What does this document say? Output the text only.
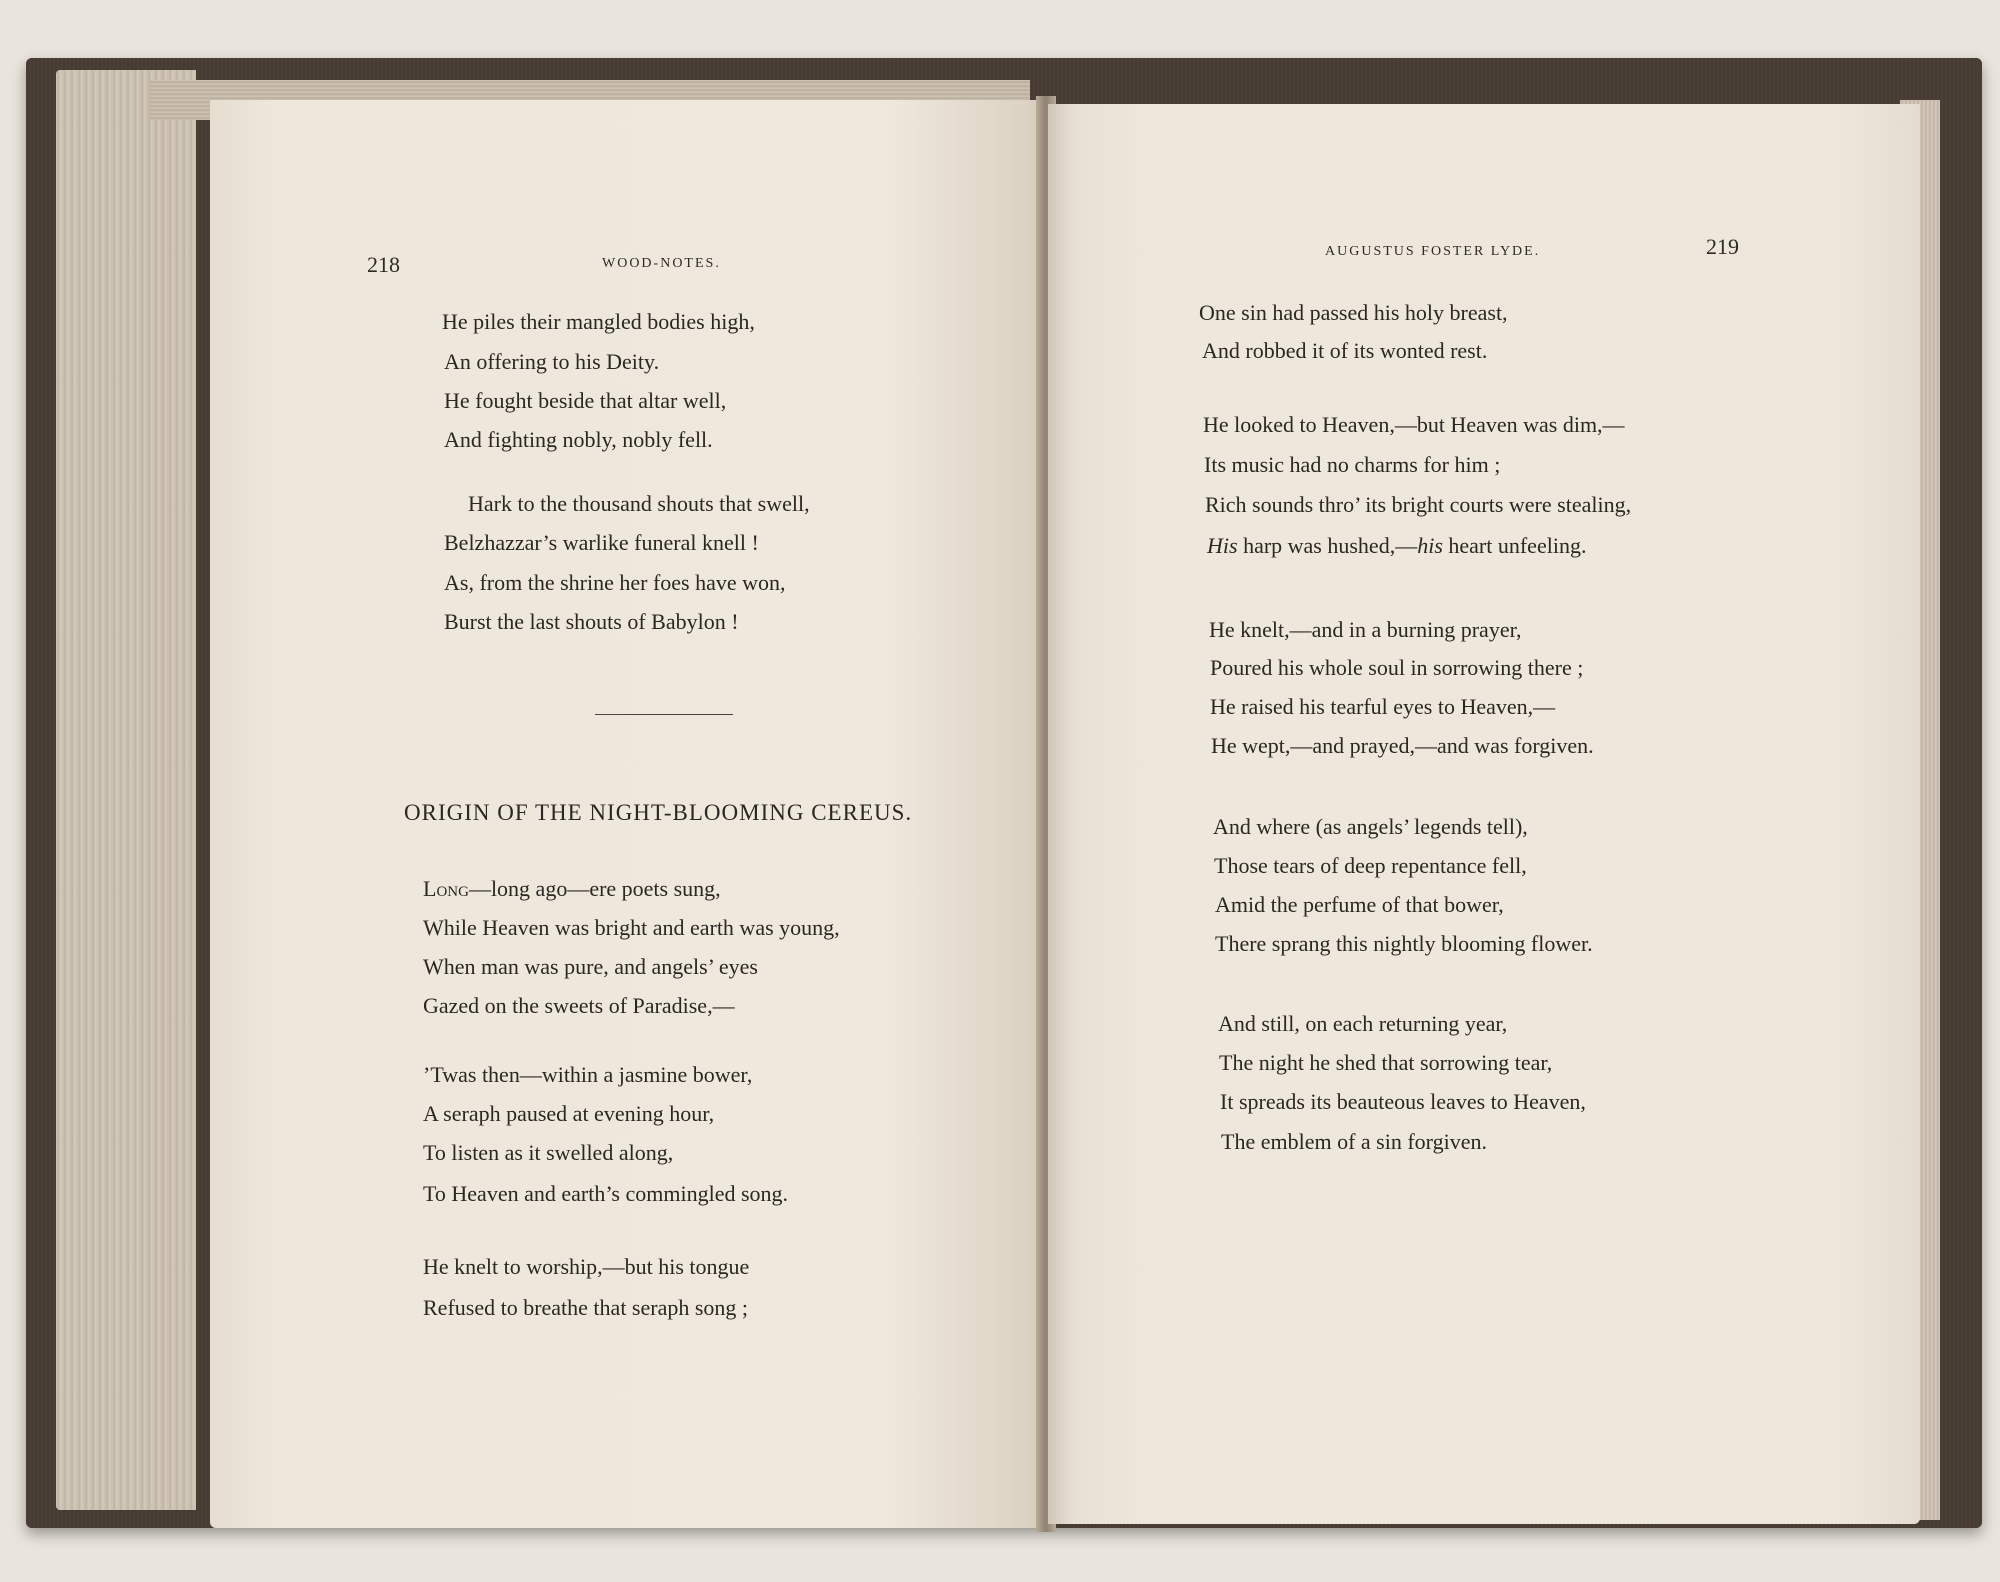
218	WOOD-NOTES.
He piles their mangled bodies high,
An offering to his Deity.
He fought beside that altar well,
And fighting nobly, nobly fell.
Hark to the thousand shouts that swell,
Belzhazzar’s warlike funeral knell !
As, from the shrine her foes have won,
Burst the last shouts of Babylon !
ORIGIN OF THE NIGHT-BLOOMING CEREUS.
Long—long ago—ere poets sung,
While Heaven was bright and earth was young,
When man was pure, and angels’ eyes
Gazed on the sweets of Paradise,—
’Twas then—within a jasmine bower,
A seraph paused at evening hour,
To listen as it swelled along,
To Heaven and earth’s commingled song.
He knelt to worship,—but his tongue
Refused to breathe that seraph song ;
AUGUSTUS FOSTER LYDE.	219
One sin had passed his holy breast,
And robbed it of its wonted rest.
He looked to Heaven,—but Heaven was dim,—
Its music had no charms for him ;
Rich sounds thro’ its bright courts were stealing,
His harp was hushed,—his heart unfeeling.
He knelt,—and in a burning prayer,
Poured his whole soul in sorrowing there ;
He raised his tearful eyes to Heaven,—
He wept,—and prayed,—and was forgiven.
And where (as angels’ legends tell),
Those tears of deep repentance fell,
Amid the perfume of that bower,
There sprang this nightly blooming flower.
And still, on each returning year,
The night he shed that sorrowing tear,
It spreads its beauteous leaves to Heaven,
The emblem of a sin forgiven.
